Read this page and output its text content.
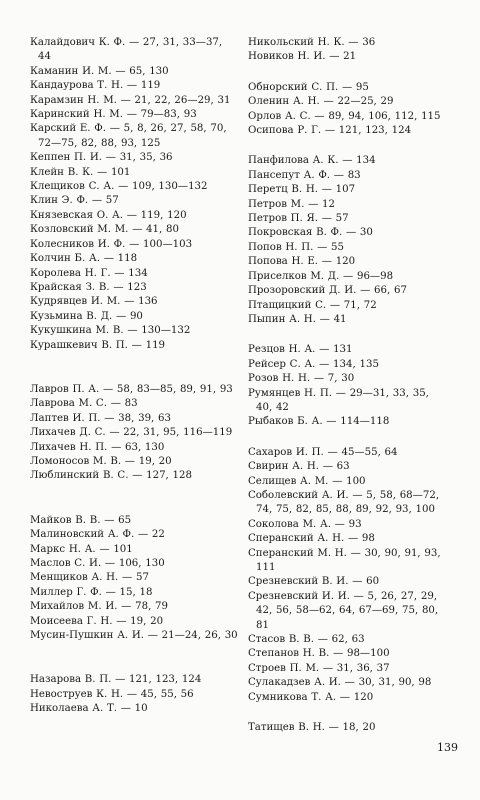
Калайдович К. Ф. — 27, 31, 33—37, 44
Каманин И. М. — 65, 130
Кандаурова Т. Н. — 119
Карамзин Н. М. — 21, 22, 26—29, 31
Каринский Н. М. — 79—83, 93
Карский Е. Ф. — 5, 8, 26, 27, 58, 70, 72—75, 82, 88, 93, 125
Кеппен П. И. — 31, 35, 36
Клейн В. К. — 101
Клещиков С. А. — 109, 130—132
Клин Э. Ф. — 57
Князевская О. А. — 119, 120
Козловский М. М. — 41, 80
Колесников И. Ф. — 100—103
Колчин Б. А. — 118
Королева Н. Г. — 134
Крайская З. В. — 123
Кудрявцев И. М. — 136
Кузьмина В. Д. — 90
Кукушкина М. В. — 130—132
Курашкевич В. П. — 119
Лавров П. А. — 58, 83—85, 89, 91, 93
Лаврова М. С. — 83
Лаптев И. П. — 38, 39, 63
Лихачев Д. С. — 22, 31, 95, 116—119
Лихачев Н. П. — 63, 130
Ломоносов М. В. — 19, 20
Люблинский В. С. — 127, 128
Майков В. В. — 65
Малиновский А. Ф. — 22
Маркс Н. А. — 101
Маслов С. И. — 106, 130
Менщиков А. Н. — 57
Миллер Г. Ф. — 15, 18
Михайлов М. И. — 78, 79
Моисеева Г. Н. — 19, 20
Мусин-Пушкин А. И. — 21—24, 26, 30
Назарова В. П. — 121, 123, 124
Невоструев К. Н. — 45, 55, 56
Николаева А. Т. — 10
Никольский Н. К. — 36
Новиков Н. И. — 21
Обнорский С. П. — 95
Оленин А. Н. — 22—25, 29
Орлов А. С. — 89, 94, 106, 112, 115
Осипова Р. Г. — 121, 123, 124
Панфилова А. К. — 134
Пансепут А. Ф. — 83
Перетц В. Н. — 107
Петров М. — 12
Петров П. Я. — 57
Покровская В. Ф. — 30
Попов Н. П. — 55
Попова Н. Е. — 120
Приселков М. Д. — 96—98
Прозоровский Д. И. — 66, 67
Птащицкий С. — 71, 72
Пыпин А. Н. — 41
Резцов Н. А. — 131
Рейсер С. А. — 134, 135
Розов Н. Н. — 7, 30
Румянцев Н. П. — 29—31, 33, 35, 40, 42
Рыбаков Б. А. — 114—118
Сахаров И. П. — 45—55, 64
Свирин А. Н. — 63
Селищев А. М. — 100
Соболевский А. И. — 5, 58, 68—72, 74, 75, 82, 85, 88, 89, 92, 93, 100
Соколова М. А. — 93
Сперанский А. Н. — 98
Сперанский М. Н. — 30, 90, 91, 93, 111
Срезневский В. И. — 60
Срезневский И. И. — 5, 26, 27, 29, 42, 56, 58—62, 64, 67—69, 75, 80, 81
Стасов В. В. — 62, 63
Степанов Н. В. — 98—100
Строев П. М. — 31, 36, 37
Сулакадзев А. И. — 30, 31, 90, 98
Сумникова Т. А. — 120
Татищев В. Н. — 18, 20
139
